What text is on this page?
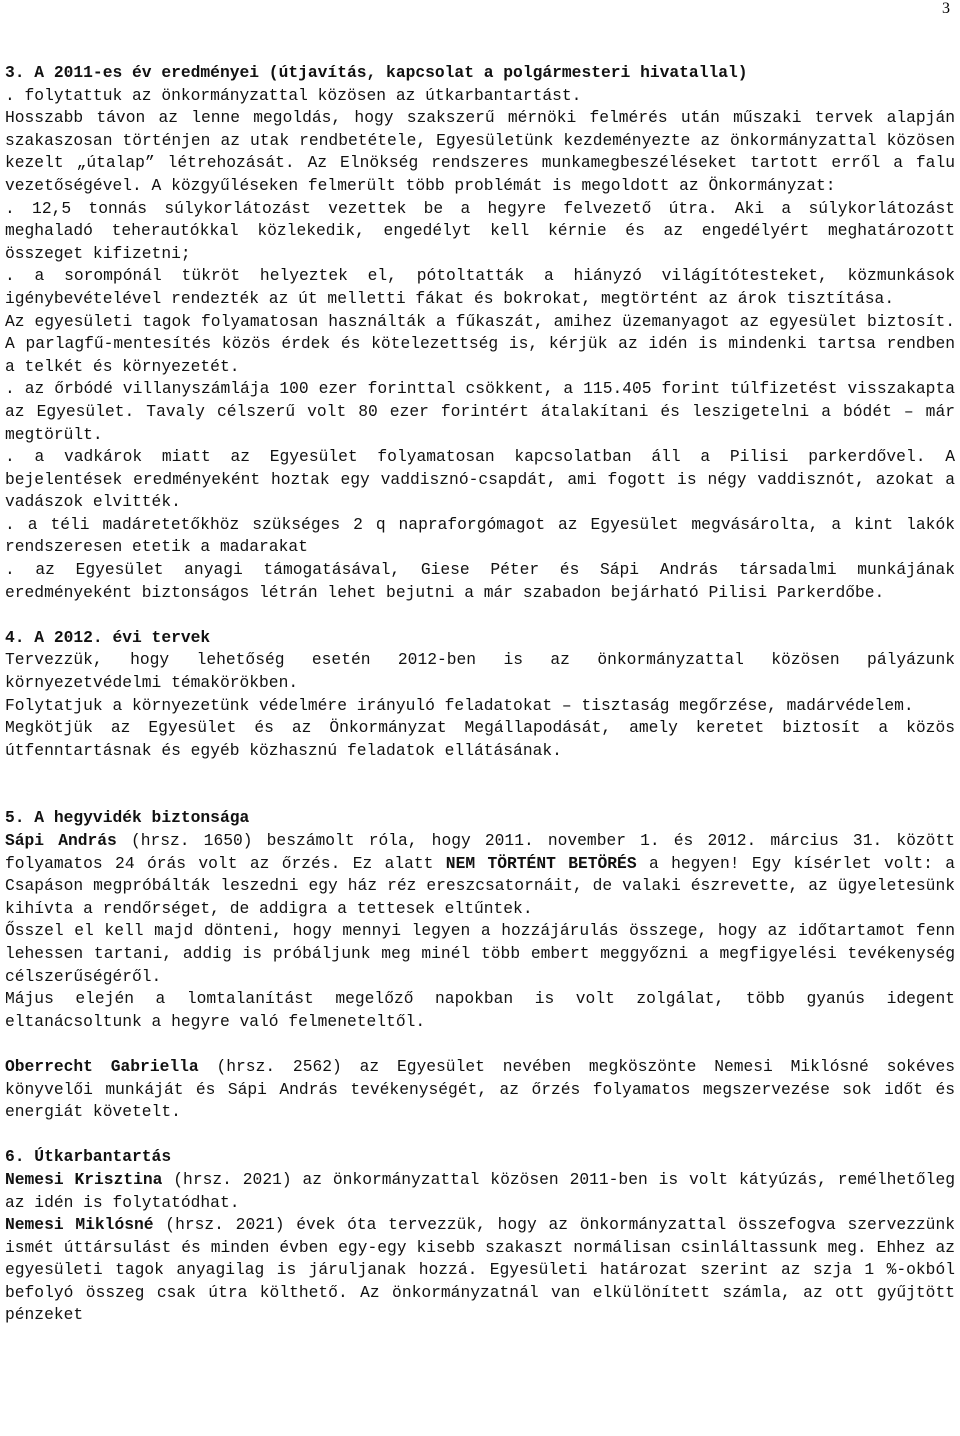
3

3. A 2011-es év eredményei (útjavítás, kapcsolat a polgármesteri hivatallal)

. folytattuk az önkormányzattal közösen az útkarbantartást.

Hosszabb távon az lenne megoldás, hogy szakszerű mérnöki felmérés után műszaki tervek alapján szakaszosan történjen az utak rendbetétele, Egyesületünk kezdeményezte az önkormányzattal közösen kezelt „útalap” létrehozását. Az Elnökség rendszeres munkamegbeszéléseket tartott erről a falu vezetőségével. A közgyűléseken felmerült több problémát is megoldott az Önkormányzat:

. 12,5 tonnás súlykorlátozást vezettek be a hegyre felvezető útra. Aki a súlykorlátozást meghaladó teherautókkal közlekedik, engedélyt kell kérnie és az engedélyért meghatározott összeget kifizetni;

. a sorompónál tükröt helyeztek el, pótoltatták a hiányzó világítótesteket, közmunkások igénybevételével rendezték az út melletti fákat és bokrokat, megtörtént az árok tisztítása.

Az egyesületi tagok folyamatosan használták a fűkaszát, amihez üzemanyagot az egyesület biztosít. A parlagfű-mentesítés közös érdek és kötelezettség is, kérjük az idén is mindenki tartsa rendben a telkét és környezetét.

. az őrbódé villanyszámlája 100 ezer forinttal csökkent, a 115.405 forint túlfizetést visszakapta az Egyesület. Tavaly célszerű volt 80 ezer forintért átalakítani és leszigetelni a bódét – már megtörült.

. a vadkárok miatt az Egyesület folyamatosan kapcsolatban áll a Pilisi parkerdővel. A bejelentések eredményeként hoztak egy vaddisznó-csapdát, ami fogott is négy vaddisznót, azokat a vadászok elvitték.

. a téli madáretetőkhöz szükséges 2 q napraforgómagot az Egyesület megvásárolta, a kint lakók rendszeresen etetik a madarakat

. az Egyesület anyagi támogatásával, Giese Péter és Sápi András társadalmi munkájának eredményeként biztonságos létrán lehet bejutni a már szabadon bejárható Pilisi Parkerdőbe.

4. A 2012. évi tervek

Tervezzük, hogy lehetőség esetén 2012-ben is az önkormányzattal közösen pályázunk környezetvédelmi témakörökben.

Folytatjuk a környezetünk védelmére irányuló feladatokat – tisztaság megőrzése, madárvédelem.

Megkötjük az Egyesület és az Önkormányzat Megállapodását, amely keretet biztosít a közös útfenntartásnak és egyéb közhasznú feladatok ellátásának.

5. A hegyvidék biztonsága

Sápi András (hrsz. 1650) beszámolt róla, hogy 2011. november 1. és 2012. március 31. között folyamatos 24 órás volt az őrzés. Ez alatt NEM TÖRTÉNT BETÖRÉS a hegyen! Egy kísérlet volt: a Csapáson megpróbálták leszedni egy ház réz ereszcsatornáit, de valaki észrevette, az ügyeletesünk kihívta a rendőrséget, de addigra a tettesek eltűntek.

Ősszel el kell majd dönteni, hogy mennyi legyen a hozzájárulás összege, hogy az időtartamot fenn lehessen tartani, addig is próbáljunk meg minél több embert meggyőzni a megfigyelési tevékenység célszerűségéről.

Május elején a lomtalanítást megelőző napokban is volt zolgálat, több gyanús idegent eltanácsoltunk a hegyre való felmeneteltől.

Oberrecht Gabriella (hrsz. 2562) az Egyesület nevében megköszönte Nemesi Miklósné sokéves könyvelői munkáját és Sápi András tevékenységét, az őrzés folyamatos megszervezése sok időt és energiát követelt.

6. Útkarbantartás

Nemesi Krisztina (hrsz. 2021) az önkormányzattal közösen 2011-ben is volt kátyúzás, remélhetőleg az idén is folytatódhat.

Nemesi Miklósné (hrsz. 2021) évek óta tervezzük, hogy az önkormányzattal összefogva szervezzünk ismét úttársulást és minden évben egy-egy kisebb szakaszt normálisan csinláltassunk meg. Ehhez az egyesületi tagok anyagilag is járuljanak hozzá. Egyesületi határozat szerint az szja 1 %-okból befolyó összeg csak útra költhető. Az önkormányzatnál van elkülönített számla, az ott gyűjtött pénzeket
